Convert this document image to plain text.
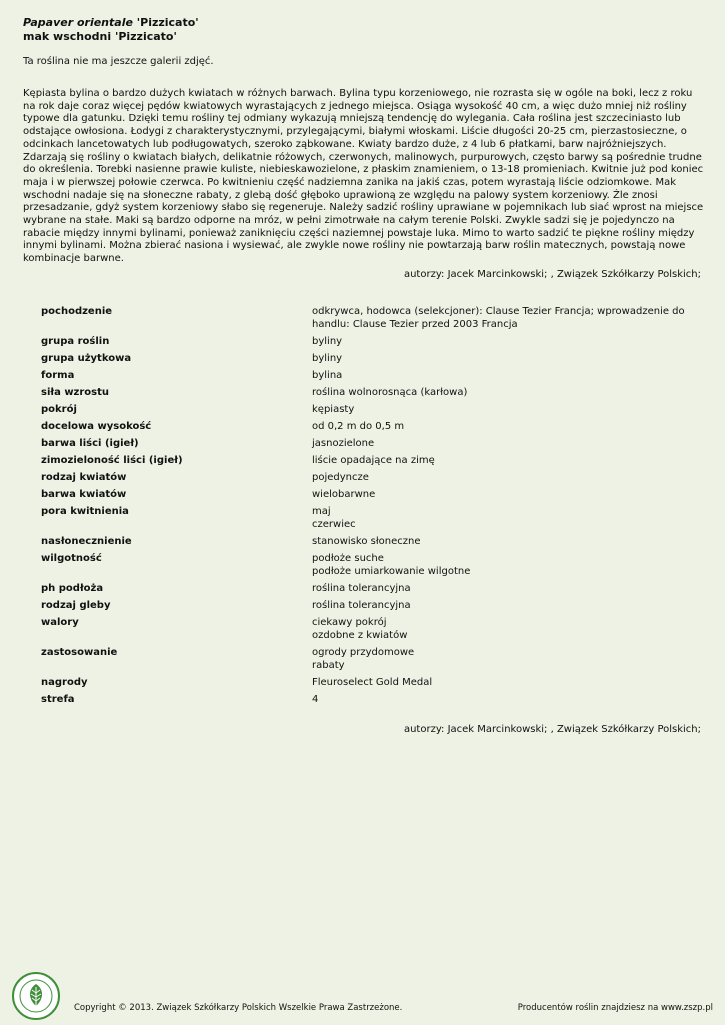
Papaver orientale 'Pizzicato'
mak wschodni 'Pizzicato'
Ta roślina nie ma jeszcze galerii zdjęć.

Kępiasta bylina o bardzo dużych kwiatach w różnych barwach. Bylina typu korzeniowego, nie rozrasta się w ogóle na boki, lecz z roku na rok daje coraz więcej pędów kwiatowych wyrastających z jednego miejsca. Osiąga wysokość 40 cm, a więc dużo mniej niż rośliny typowe dla gatunku. Dzięki temu rośliny tej odmiany wykazują mniejszą tendencję do wylegania. Cała roślina jest szczeciniasto lub odstające owłosiona. Łodygi z charakterystycznymi, przylegającymi, białymi włoskami. Liście długości 20-25 cm, pierzastosieczne, o odcinkach lancetowatych lub podługowatych, szeroko ząbkowane. Kwiaty bardzo duże, z 4 lub 6 płatkami, barw najróżniejszych. Zdarzają się rośliny o kwiatach białych, delikatnie różowych, czerwonych, malinowych, purpurowych, często barwy są pośrednie trudne do określenia. Torebki nasienne prawie kuliste, niebieskawozielone, z płaskim znamieniem, o 13-18 promieniach. Kwitnie już pod koniec maja i w pierwszej połowie czerwca. Po kwitnieniu część nadziemna zanika na jakiś czas, potem wyrastają liście odziomkowe. Mak wschodni nadaje się na słoneczne rabaty, z glebą dość głęboko uprawioną ze względu na palowy system korzeniowy. Źle znosi przesadzanie, gdyż system korzeniowy słabo się regeneruje. Należy sadzić rośliny uprawiane w pojemnikach lub siać wprost na miejsce wybrane na stałe. Maki są bardzo odporne na mróz, w pełni zimotrwałe na całym terenie Polski. Zwykle sadzi się je pojedynczo na rabacie między innymi bylinami, ponieważ zaniknięciu części naziemnej powstaje luka. Mimo to warto sadzić te piękne rośliny między innymi bylinami. Można zbierać nasiona i wysiewać, ale zwykle nowe rośliny nie powtarzają barw roślin matecznych, powstają nowe kombinacje barwne.

autorzy: Jacek Marcinkowski; , Związek Szkółkarzy Polskich;
pochodzenie	odkrywca, hodowca (selekcjoner): Clause Tezier Francja; wprowadzenie do handlu: Clause Tezier przed 2003 Francja

grupa roślin	byliny

grupa użytkowa	byliny

forma	bylina

siła wzrostu	roślina wolnorosnąca (karłowa)

pokrój	kępiasty

docelowa wysokość	od 0,2 m do 0,5 m

barwa liści (igieł)	jasnozielone

zimozieloność liści (igieł)	liście opadające na zimę

rodzaj kwiatów	pojedyncze

barwa kwiatów	wielobarwne

pora kwitnienia	maj
czerwiec

nasłonecznienie	stanowisko słoneczne

wilgotność	podłoże suche
podłoże umiarkowanie wilgotne

ph podłoża	roślina tolerancyjna

rodzaj gleby	roślina tolerancyjna

walory	ciekawy pokrój
ozdobne z kwiatów

zastosowanie	ogrody przydomowe
rabaty

nagrody	Fleuroselect Gold Medal

strefa	4
autorzy: Jacek Marcinkowski; , Związek Szkółkarzy Polskich;
Copyright © 2013. Związek Szkółkarzy Polskich Wszelkie Prawa Zastrzeżone.	Producentów roślin znajdziesz na www.zszp.pl
